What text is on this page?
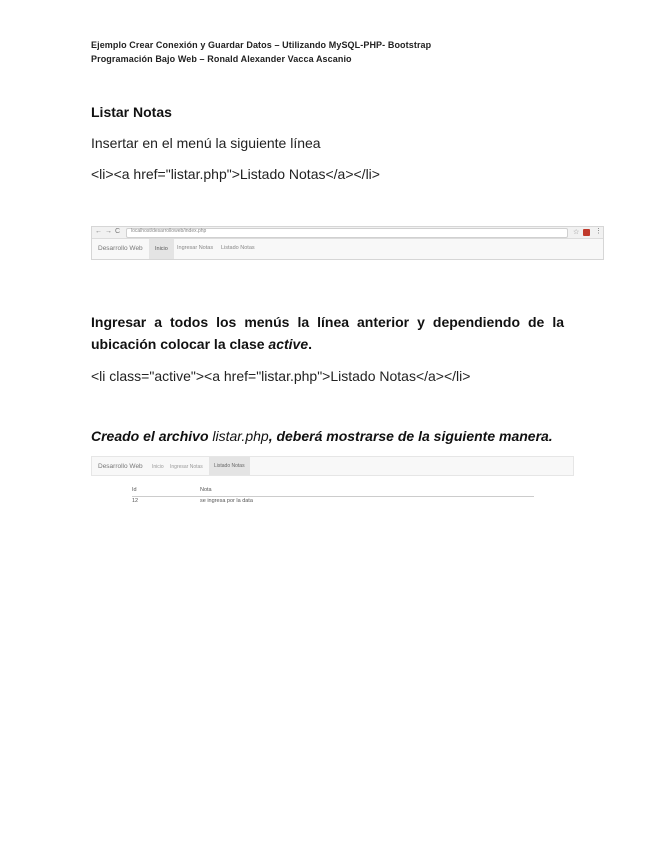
Ejemplo Crear Conexión y Guardar Datos – Utilizando MySQL-PHP- Bootstrap
Programación Bajo Web – Ronald Alexander Vacca Ascanio
Listar Notas
Insertar en el menú la siguiente línea
<li><a href="listar.php">Listado Notas</a></li>
← → C localhost/desarrolloweb/index.php	☆ ⋮
Desarrollo Web	Inicio	Ingresar Notas Listado Notas
Ingresar a todos los menús la línea anterior y dependiendo de la ubicación colocar la clase active.
<li class="active"><a href="listar.php">Listado Notas</a></li>
Creado el archivo listar.php, deberá mostrarse de la siguiente manera.
Desarrollo Web Inicio Ingresar Notas	Listado Notas
Id	Nota
12	se ingresa por la data
